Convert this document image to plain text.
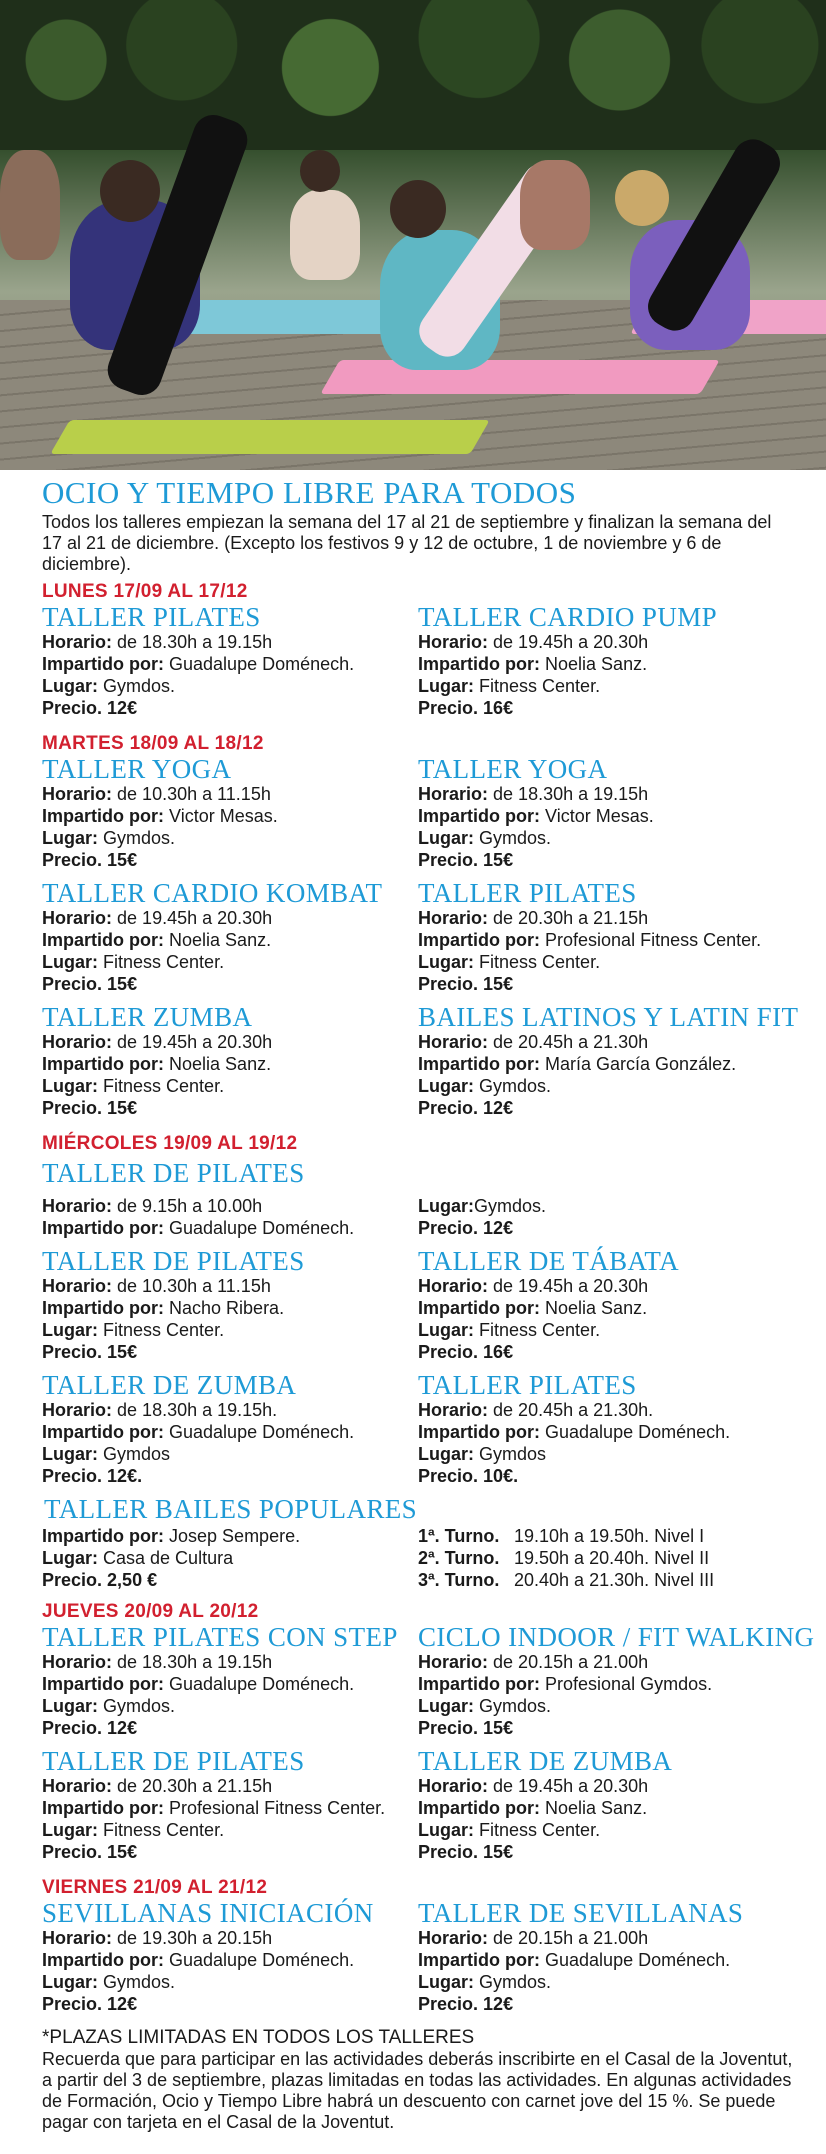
OCIO Y TIEMPO LIBRE PARA TODOS

Todos los talleres empiezan la semana del 17 al 21 de septiembre y finalizan la semana del 17 al 21 de diciembre. (Excepto los festivos 9 y 12 de octubre, 1 de noviembre y 6 de diciembre).

LUNES 17/09 AL 17/12
TALLER PILATES
Horario: de 18.30h a 19.15h
Impartido por: Guadalupe Doménech.
Lugar: Gymdos.
Precio. 12€
TALLER CARDIO PUMP
Horario: de 19.45h a 20.30h
Impartido por: Noelia Sanz.
Lugar: Fitness Center.
Precio. 16€
MARTES 18/09 AL 18/12
TALLER YOGA
Horario: de 10.30h a 11.15h
Impartido por: Victor Mesas.
Lugar: Gymdos.
Precio. 15€
TALLER YOGA
Horario: de 18.30h a 19.15h
Impartido por: Victor Mesas.
Lugar: Gymdos.
Precio. 15€
TALLER CARDIO KOMBAT
Horario: de 19.45h a 20.30h
Impartido por: Noelia Sanz.
Lugar: Fitness Center.
Precio. 15€
TALLER PILATES
Horario: de 20.30h a 21.15h
Impartido por: Profesional Fitness Center.
Lugar: Fitness Center.
Precio. 15€
TALLER ZUMBA
Horario: de 19.45h a 20.30h
Impartido por: Noelia Sanz.
Lugar: Fitness Center.
Precio. 15€
BAILES LATINOS Y LATIN FIT
Horario: de 20.45h a 21.30h
Impartido por: María García González.
Lugar: Gymdos.
Precio. 12€
MIÉRCOLES 19/09 AL 19/12
TALLER DE PILATES
Horario: de 9.15h a 10.00h
Impartido por: Guadalupe Doménech.
Lugar:Gymdos.
Precio. 12€
TALLER DE PILATES
Horario: de 10.30h a 11.15h
Impartido por: Nacho Ribera.
Lugar: Fitness Center.
Precio. 15€
TALLER DE TÁBATA
Horario: de 19.45h a 20.30h
Impartido por: Noelia Sanz.
Lugar: Fitness Center.
Precio. 16€
TALLER DE ZUMBA
Horario: de 18.30h a 19.15h.
Impartido por: Guadalupe Doménech.
Lugar: Gymdos
Precio. 12€.
TALLER PILATES
Horario: de 20.45h a 21.30h.
Impartido por: Guadalupe Doménech.
Lugar: Gymdos
Precio. 10€.
TALLER BAILES POPULARES
Impartido por: Josep Sempere.
Lugar: Casa de Cultura
Precio. 2,50 €
1ª. Turno. 19.10h a 19.50h. Nivel I
2ª. Turno. 19.50h a 20.40h. Nivel II
3ª. Turno. 20.40h a 21.30h. Nivel III
JUEVES 20/09 AL 20/12
TALLER PILATES CON STEP
Horario: de 18.30h a 19.15h
Impartido por: Guadalupe Doménech.
Lugar: Gymdos.
Precio. 12€
CICLO INDOOR / FIT WALKING
Horario: de 20.15h a 21.00h
Impartido por: Profesional Gymdos.
Lugar: Gymdos.
Precio. 15€
TALLER DE PILATES
Horario: de 20.30h a 21.15h
Impartido por: Profesional Fitness Center.
Lugar: Fitness Center.
Precio. 15€
TALLER DE ZUMBA
Horario: de 19.45h a 20.30h
Impartido por: Noelia Sanz.
Lugar: Fitness Center.
Precio. 15€
VIERNES 21/09 AL 21/12
SEVILLANAS INICIACIÓN
Horario: de 19.30h a 20.15h
Impartido por: Guadalupe Doménech.
Lugar: Gymdos.
Precio. 12€
TALLER DE SEVILLANAS
Horario: de 20.15h a 21.00h
Impartido por: Guadalupe Doménech.
Lugar: Gymdos.
Precio. 12€
*PLAZAS LIMITADAS EN TODOS LOS TALLERES

Recuerda que para participar en las actividades deberás inscribirte en el Casal de la Joventut, a partir del 3 de septiembre, plazas limitadas en todas las actividades. En algunas actividades de Formación, Ocio y Tiempo Libre habrá un descuento con carnet jove del 15 %. Se puede pagar con tarjeta en el Casal de la Joventut.
